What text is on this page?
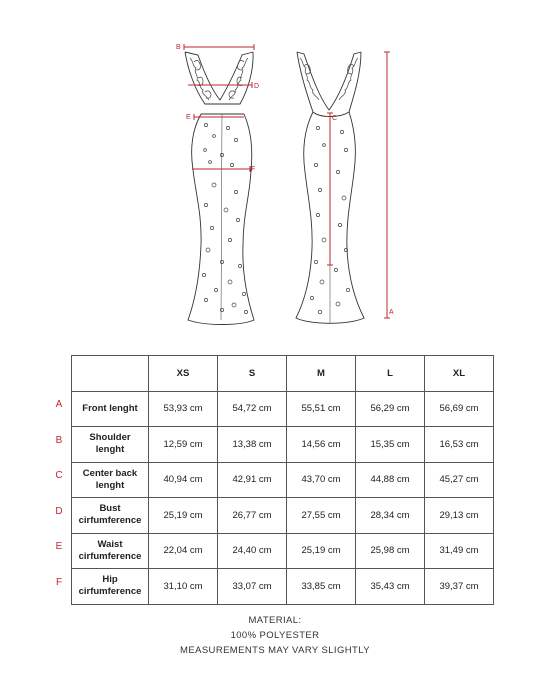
B
D
E
F
C
A
A
B
C
D
E
F
	XS	S	M	L	XL
Front lenght	53,93 cm	54,72 cm	55,51 cm	56,29 cm	56,69 cm
Shoulder lenght	12,59 cm	13,38 cm	14,56 cm	15,35 cm	16,53 cm
Center back lenght	40,94 cm	42,91 cm	43,70 cm	44,88 cm	45,27 cm
Bust cirfumference	25,19 cm	26,77 cm	27,55 cm	28,34 cm	29,13 cm
Waist cirfumference	22,04 cm	24,40 cm	25,19 cm	25,98 cm	31,49 cm
Hip cirfumference	31,10 cm	33,07 cm	33,85 cm	35,43 cm	39,37 cm
MATERIAL:
100% POLYESTER
MEASUREMENTS MAY VARY SLIGHTLY
